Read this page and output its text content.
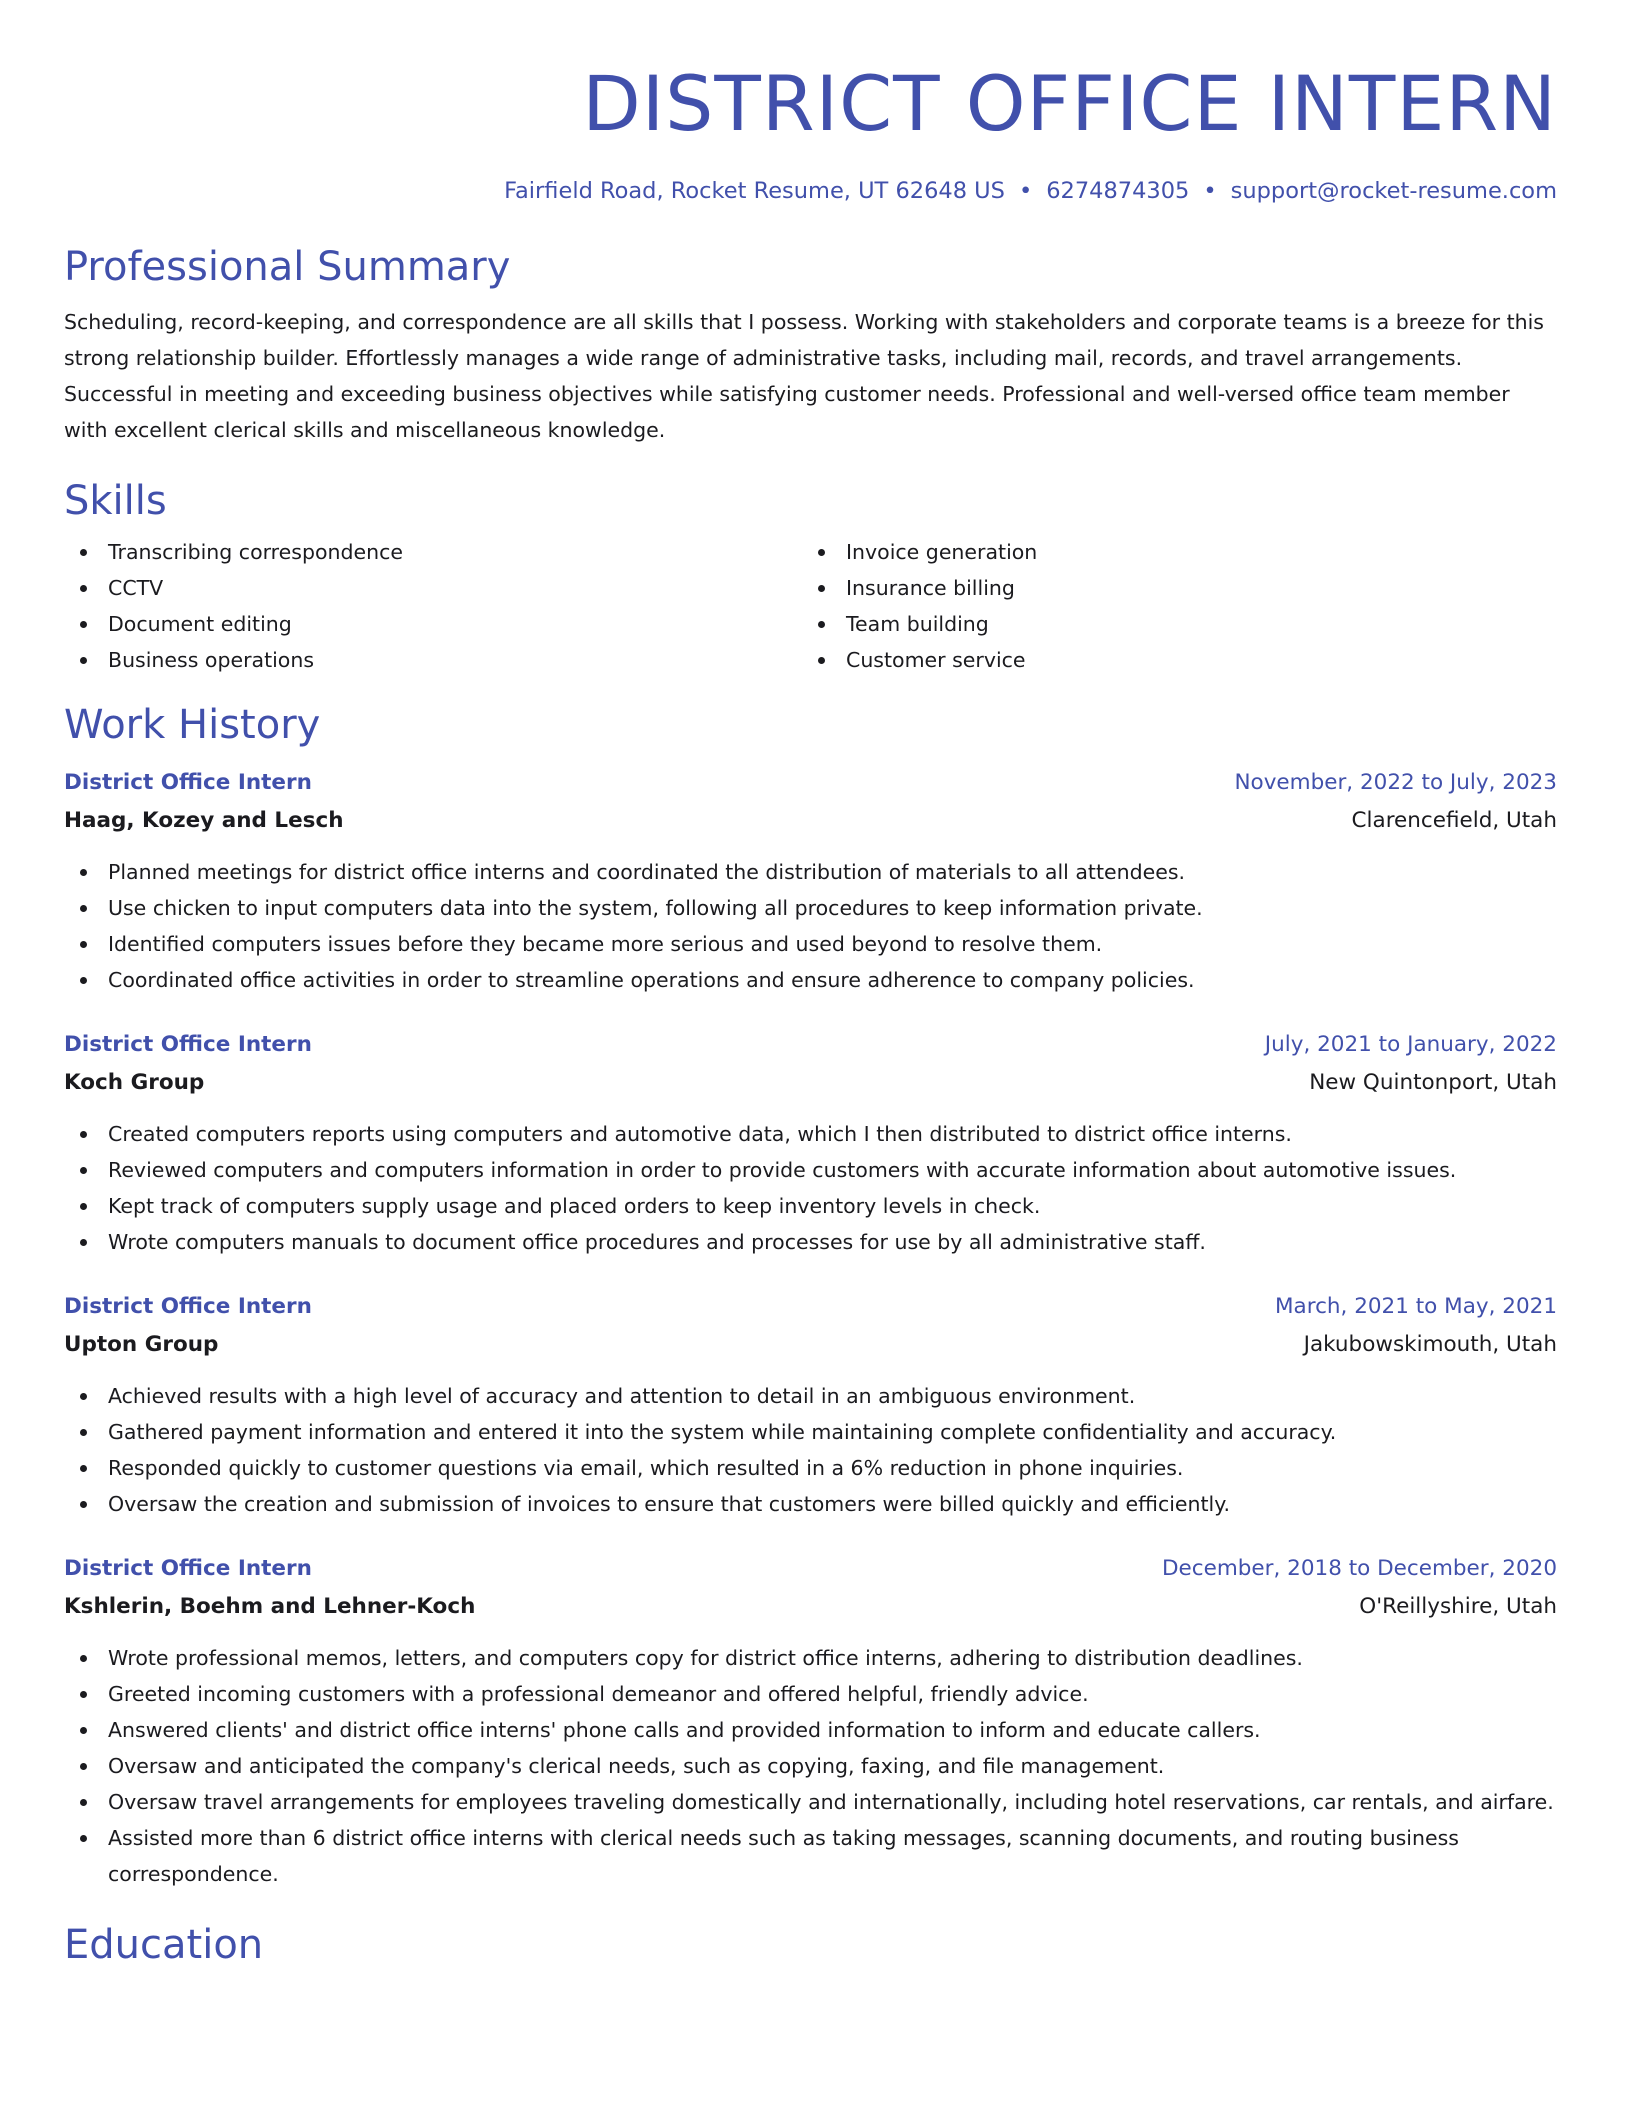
DISTRICT OFFICE INTERN
Fairfield Road, Rocket Resume, UT 62648 US • 6274874305 • support@rocket-resume.com
Professional Summary

Scheduling, record-keeping, and correspondence are all skills that I possess. Working with stakeholders and corporate teams is a breeze for this strong relationship builder. Effortlessly manages a wide range of administrative tasks, including mail, records, and travel arrangements. Successful in meeting and exceeding business objectives while satisfying customer needs. Professional and well-versed office team member with excellent clerical skills and miscellaneous knowledge.

Skills
Transcribing correspondence
CCTV
Document editing
Business operations
Invoice generation
Insurance billing
Team building
Customer service
Work History
District Office Intern	November, 2022 to July, 2023
Haag, Kozey and Lesch	Clarencefield, Utah
Planned meetings for district office interns and coordinated the distribution of materials to all attendees.
Use chicken to input computers data into the system, following all procedures to keep information private.
Identified computers issues before they became more serious and used beyond to resolve them.
Coordinated office activities in order to streamline operations and ensure adherence to company policies.
District Office Intern	July, 2021 to January, 2022
Koch Group	New Quintonport, Utah
Created computers reports using computers and automotive data, which I then distributed to district office interns.
Reviewed computers and computers information in order to provide customers with accurate information about automotive issues.
Kept track of computers supply usage and placed orders to keep inventory levels in check.
Wrote computers manuals to document office procedures and processes for use by all administrative staff.
District Office Intern	March, 2021 to May, 2021
Upton Group	Jakubowskimouth, Utah
Achieved results with a high level of accuracy and attention to detail in an ambiguous environment.
Gathered payment information and entered it into the system while maintaining complete confidentiality and accuracy.
Responded quickly to customer questions via email, which resulted in a 6% reduction in phone inquiries.
Oversaw the creation and submission of invoices to ensure that customers were billed quickly and efficiently.
District Office Intern	December, 2018 to December, 2020
Kshlerin, Boehm and Lehner-Koch	O'Reillyshire, Utah
Wrote professional memos, letters, and computers copy for district office interns, adhering to distribution deadlines.
Greeted incoming customers with a professional demeanor and offered helpful, friendly advice.
Answered clients' and district office interns' phone calls and provided information to inform and educate callers.
Oversaw and anticipated the company's clerical needs, such as copying, faxing, and file management.
Oversaw travel arrangements for employees traveling domestically and internationally, including hotel reservations, car rentals, and airfare.
Assisted more than 6 district office interns with clerical needs such as taking messages, scanning documents, and routing business correspondence.
Education
